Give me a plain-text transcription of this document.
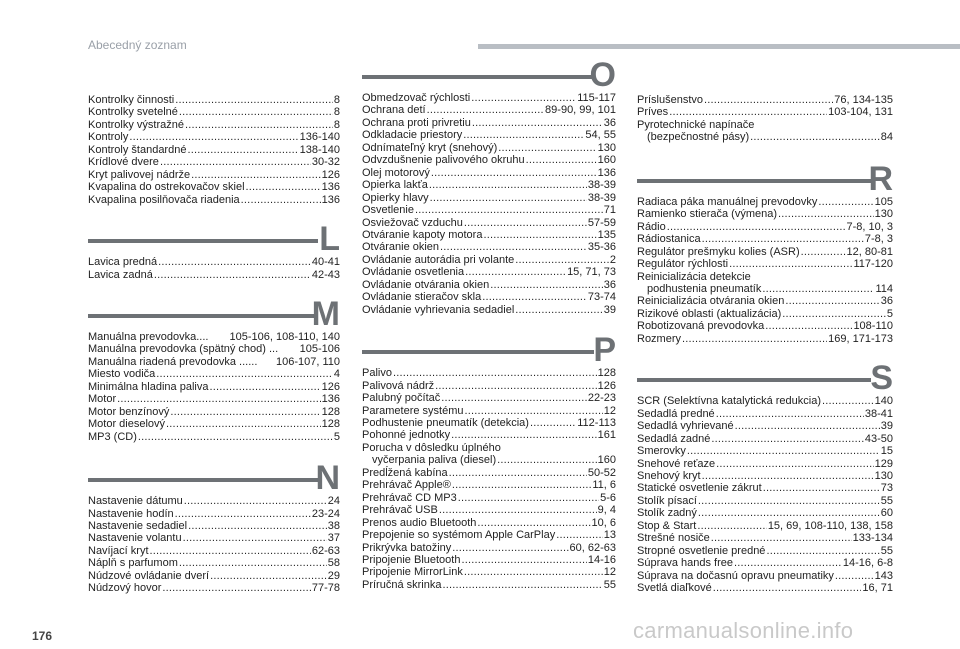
Abecedný zoznam
Kontrolky činnosti .....	8
Kontrolky svetelné .....	8
Kontrolky výstražné .....	8
Kontroly .....	136-140
Kontroly štandardné .....	138-140
Krídlové dvere .....	30-32
Kryt palivovej nádrže .....	126
Kvapalina do ostrekovačov skiel .....	136
Kvapalina posilňovača riadenia .....	136
L
Lavica predná .....	40-41
Lavica zadná .....	42-43
M
Manuálna prevodovka.... 105-106, 108-110, 140
Manuálna prevodovka (spätný chod) ... 105-106
Manuálna riadená prevodovka ...... 106-107, 110
Miesto vodiča .....	4
Minimálna hladina paliva .....	126
Motor .....	136
Motor benzínový .....	128
Motor dieselový .....	128
MP3 (CD) .....	5
N
Nastavenie dátumu .....	24
Nastavenie hodín .....	23-24
Nastavenie sedadiel .....	38
Nastavenie volantu .....	37
Navíjací kryt .....	62-63
Náplň s parfumom .....	58
Núdzové ovládanie dverí .....	29
Núdzový hovor .....	77-78
O
Obmedzovač rýchlosti .....	115-117
Ochrana detí .....	89-90, 99, 101
Ochrana proti privretiu .....	36
Odkladacie priestory .....	54, 55
Odnímateľný kryt (snehový) .....	130
Odvzdušnenie palivového okruhu .....	160
Olej motorový .....	136
Opierka lakťa .....	38-39
Opierky hlavy .....	38-39
Osvetlenie .....	71
Osviežovač vzduchu .....	57-59
Otváranie kapoty motora .....	135
Otváranie okien .....	35-36
Ovládanie autorádia pri volante .....	2
Ovládanie osvetlenia .....	15, 71, 73
Ovládanie otvárania okien .....	36
Ovládanie stieračov skla .....	73-74
Ovládanie vyhrievania sedadiel .....	39
P
Palivo .....	128
Palivová nádrž .....	126
Palubný počítač .....	22-23
Parametere systému .....	12
Podhustenie pneumatík (detekcia) .....	112-113
Pohonné jednotky .....	161
Porucha v dôsledku úplného
vyčerpania paliva (diesel) .....	160
Predĺžená kabína .....	50-52
Prehrávač Apple® .....	11, 6
Prehrávač CD MP3 .....	5-6
Prehrávač USB .....	9, 4
Prenos audio Bluetooth .....	10, 6
Prepojenie so systémom Apple CarPlay .....	13
Prikrývka batožiny .....	60, 62-63
Pripojenie Bluetooth .....	14-16
Pripojenie MirrorLink .....	12
Príručná skrinka .....	55
Príslušenstvo .....	76, 134-135
Príves .....	103-104, 131
Pyrotechnické napínače
(bezpečnostné pásy) .....	84
R
Radiaca páka manuálnej prevodovky .....	105
Ramienko stierača (výmena) .....	130
Rádio .....	7-8, 10, 3
Rádiostanica .....	7-8, 3
Regulátor prešmyku kolies (ASR) .....	12, 80-81
Regulátor rýchlosti .....	117-120
Reinicializácia detekcie
podhustenia pneumatík .....	114
Reinicializácia otvárania okien .....	36
Rizikové oblasti (aktualizácia) .....	5
Robotizovaná prevodovka .....	108-110
Rozmery .....	169, 171-173
S
SCR (Selektívna katalytická redukcia) .....	140
Sedadlá predné .....	38-41
Sedadlá vyhrievané .....	39
Sedadlá zadné .....	43-50
Smerovky .....	15
Snehové reťaze .....	129
Snehový kryt .....	130
Statické osvetlenie zákrut .....	73
Stolík písací .....	55
Stolík zadný .....	60
Stop & Start .....	15, 69, 108-110, 138, 158
Strešné nosiče .....	133-134
Stropné osvetlenie predné .....	55
Súprava hands free .....	14-16, 6-8
Súprava na dočasnú opravu pneumatiky .....	143
Svetlá diaľkové .....	16, 71
176	carmanualsonline.info
